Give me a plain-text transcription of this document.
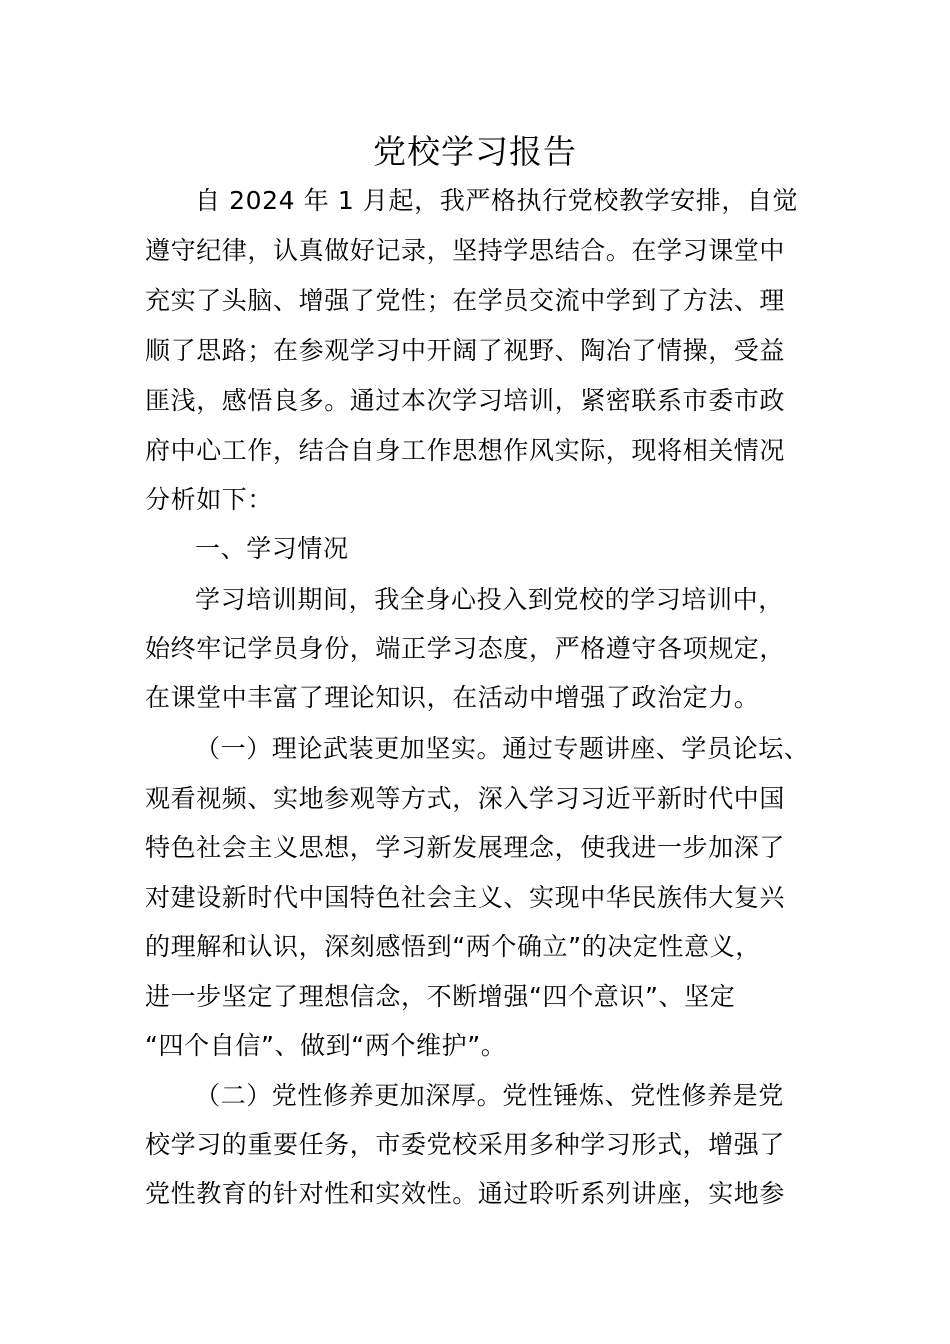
党校学习报告
自 2024 年 1 月起，我严格执行党校教学安排，自觉
遵守纪律，认真做好记录，坚持学思结合。在学习课堂中
充实了头脑、增强了党性；在学员交流中学到了方法、理
顺了思路；在参观学习中开阔了视野、陶冶了情操，受益
匪浅，感悟良多。通过本次学习培训，紧密联系市委市政
府中心工作，结合自身工作思想作风实际，现将相关情况
分析如下：
一、学习情况
学习培训期间，我全身心投入到党校的学习培训中，
始终牢记学员身份，端正学习态度，严格遵守各项规定，
在课堂中丰富了理论知识，在活动中增强了政治定力。
（一）理论武装更加坚实。通过专题讲座、学员论坛、
观看视频、实地参观等方式，深入学习习近平新时代中国
特色社会主义思想，学习新发展理念，使我进一步加深了
对建设新时代中国特色社会主义、实现中华民族伟大复兴
的理解和认识，深刻感悟到“两个确立”的决定性意义，
进一步坚定了理想信念，不断增强“四个意识”、坚定
“四个自信”、做到“两个维护”。
（二）党性修养更加深厚。党性锤炼、党性修养是党
校学习的重要任务，市委党校采用多种学习形式，增强了
党性教育的针对性和实效性。通过聆听系列讲座，实地参
